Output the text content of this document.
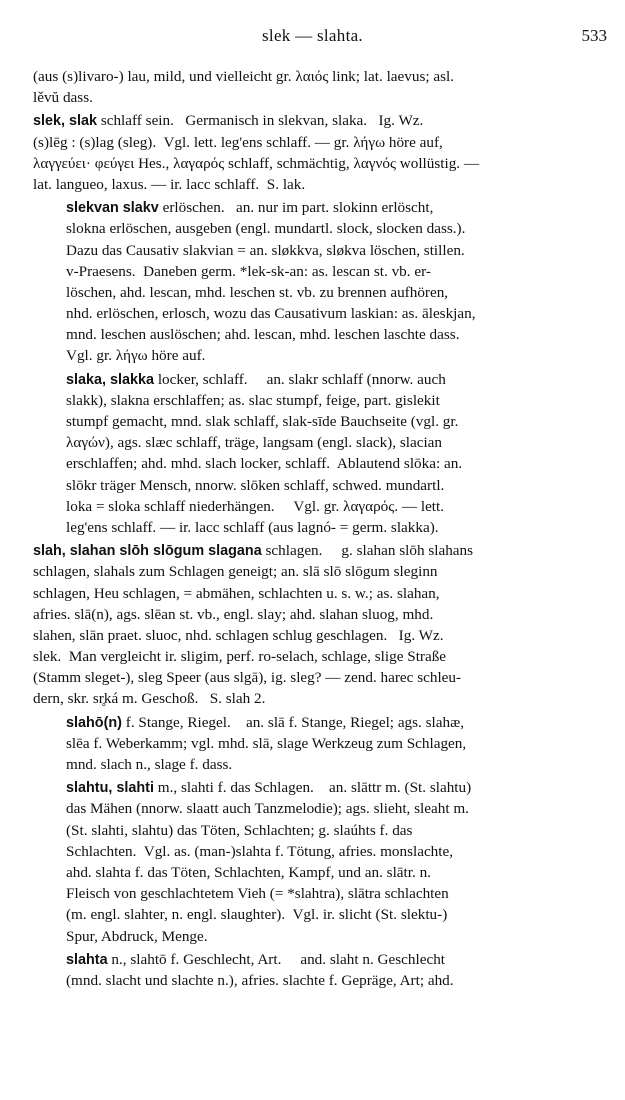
slek — slahta.	533
(aus (s)livaro-) lau, mild, und vielleicht gr. λαιός link; lat. laevus; asl.
lěvŭ dass.
slek, slak schlaff sein.   Germanisch in slekvan, slaka.   Ig. Wz.
(s)lēg : (s)lag (sleg).  Vgl. lett. leg'ens schlaff. — gr. λήγω höre auf,
λαγγεύει· φεύγει Hes., λαγαρός schlaff, schmächtig, λαγνός wollüstig. —
lat. langueo, laxus. — ir. lacc schlaff.  S. lak.
slekvan slakv erlöschen.   an. nur im part. slokinn erlöscht,
slokna erlöschen, ausgeben (engl. mundartl. slock, slocken dass.).
Dazu das Causativ slakvian = an. sløkkva, sløkva löschen, stillen.
v-Praesens.  Daneben germ. *lek-sk-an: as. lescan st. vb. er-
löschen, ahd. lescan, mhd. leschen st. vb. zu brennen aufhören,
nhd. erlöschen, erlosch, wozu das Causativum laskian: as. āleskjan,
mnd. leschen auslöschen; ahd. lescan, mhd. leschen laschte dass.
Vgl. gr. λήγω höre auf.
slaka, slakka locker, schlaff.     an. slakr schlaff (nnorw. auch
slakk), slakna erschlaffen; as. slac stumpf, feige, part. gislekit
stumpf gemacht, mnd. slak schlaff, slak-sīde Bauchseite (vgl. gr.
λαγών), ags. slæc schlaff, träge, langsam (engl. slack), slacian
erschlaffen; ahd. mhd. slach locker, schlaff.  Ablautend slōka: an.
slōkr träger Mensch, nnorw. slōken schlaff, schwed. mundartl.
loka = sloka schlaff niederhängen.     Vgl. gr. λαγαρός. — lett.
leg'ens schlaff. — ir. lacc schlaff (aus lagnó- = germ. slakka).
slah, slahan slōh slōgum slagana schlagen.     g. slahan slōh slahans
schlagen, slahals zum Schlagen geneigt; an. slā slō slōgum sleginn
schlagen, Heu schlagen, = abmähen, schlachten u. s. w.; as. slahan,
afries. slā(n), ags. slēan st. vb., engl. slay; ahd. slahan sluog, mhd.
slahen, slān praet. sluoc, nhd. schlagen schlug geschlagen.   Ig. Wz.
slek.  Man vergleicht ir. sligim, perf. ro-selach, schlage, slige Straße
(Stamm sleget-), sleg Speer (aus slgā), ig. sleg? — zend. harec schleu-
dern, skr. sr̥ká m. Geschoß.   S. slah 2.
slahō(n) f. Stange, Riegel.    an. slā f. Stange, Riegel; ags. slahæ,
slēa f. Weberkamm; vgl. mhd. slā, slage Werkzeug zum Schlagen,
mnd. slach n., slage f. dass.
slahtu, slahti m., slahti f. das Schlagen.    an. slāttr m. (St. slahtu)
das Mähen (nnorw. slaatt auch Tanzmelodie); ags. slieht, sleaht m.
(St. slahti, slahtu) das Töten, Schlachten; g. slaúhts f. das
Schlachten.  Vgl. as. (man-)slahta f. Tötung, afries. monslachte,
ahd. slahta f. das Töten, Schlachten, Kampf, und an. slātr. n.
Fleisch von geschlachtetem Vieh (= *slahtra), slātra schlachten
(m. engl. slahter, n. engl. slaughter).  Vgl. ir. slicht (St. slektu-)
Spur, Abdruck, Menge.
slahta n., slahtō f. Geschlecht, Art.     and. slaht n. Geschlecht
(mnd. slacht und slachte n.), afries. slachte f. Gepräge, Art; ahd.
